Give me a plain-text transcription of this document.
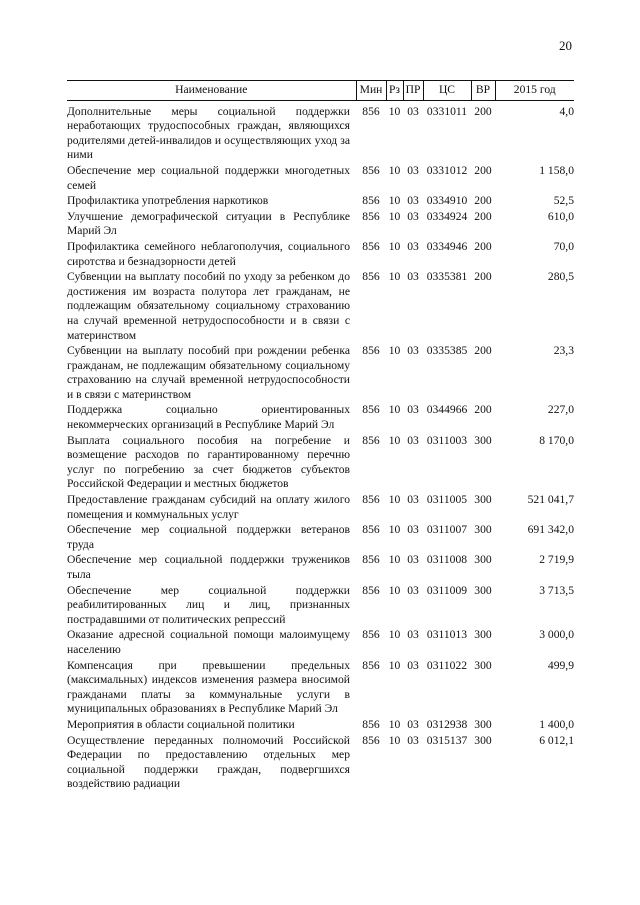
20
Наименование	Мин	Рз	ПР	ЦС	ВР	2015 год
Дополнительные меры социальной поддержки неработающих трудоспособных граждан, являющихся родителями детей-инвалидов и осуществляющих уход за ними	856	10	03	0331011	200	4,0
Обеспечение мер социальной поддержки многодетных семей	856	10	03	0331012	200	1 158,0
Профилактика употребления наркотиков	856	10	03	0334910	200	52,5
Улучшение демографической ситуации в Республике Марий Эл	856	10	03	0334924	200	610,0
Профилактика семейного неблагополучия, социального сиротства и безнадзорности детей	856	10	03	0334946	200	70,0
Субвенции на выплату пособий по уходу за ребенком до достижения им возраста полутора лет гражданам, не подлежащим обязательному социальному страхованию на случай временной нетрудоспособности и в связи с материнством	856	10	03	0335381	200	280,5
Субвенции на выплату пособий при рождении ребенка гражданам, не подлежащим обязательному социальному страхованию на случай временной нетрудоспособности и в связи с материнством	856	10	03	0335385	200	23,3
Поддержка социально ориентированных некоммерческих организаций в Республике Марий Эл	856	10	03	0344966	200	227,0
Выплата социального пособия на погребение и возмещение расходов по гарантированному перечню услуг по погребению за счет бюджетов субъектов Российской Федерации и местных бюджетов	856	10	03	0311003	300	8 170,0
Предоставление гражданам субсидий на оплату жилого помещения и коммунальных услуг	856	10	03	0311005	300	521 041,7
Обеспечение мер социальной поддержки ветеранов труда	856	10	03	0311007	300	691 342,0
Обеспечение мер социальной поддержки тружеников тыла	856	10	03	0311008	300	2 719,9
Обеспечение мер социальной поддержки реабилитированных лиц и лиц, признанных пострадавшими от политических репрессий	856	10	03	0311009	300	3 713,5
Оказание адресной социальной помощи малоимущему населению	856	10	03	0311013	300	3 000,0
Компенсация при превышении предельных (максимальных) индексов изменения размера вносимой гражданами платы за коммунальные услуги в муниципальных образованиях в Республике Марий Эл	856	10	03	0311022	300	499,9
Мероприятия в области социальной политики	856	10	03	0312938	300	1 400,0
Осуществление переданных полномочий Российской Федерации по предоставлению отдельных мер социальной поддержки граждан, подвергшихся воздействию радиации	856	10	03	0315137	300	6 012,1
